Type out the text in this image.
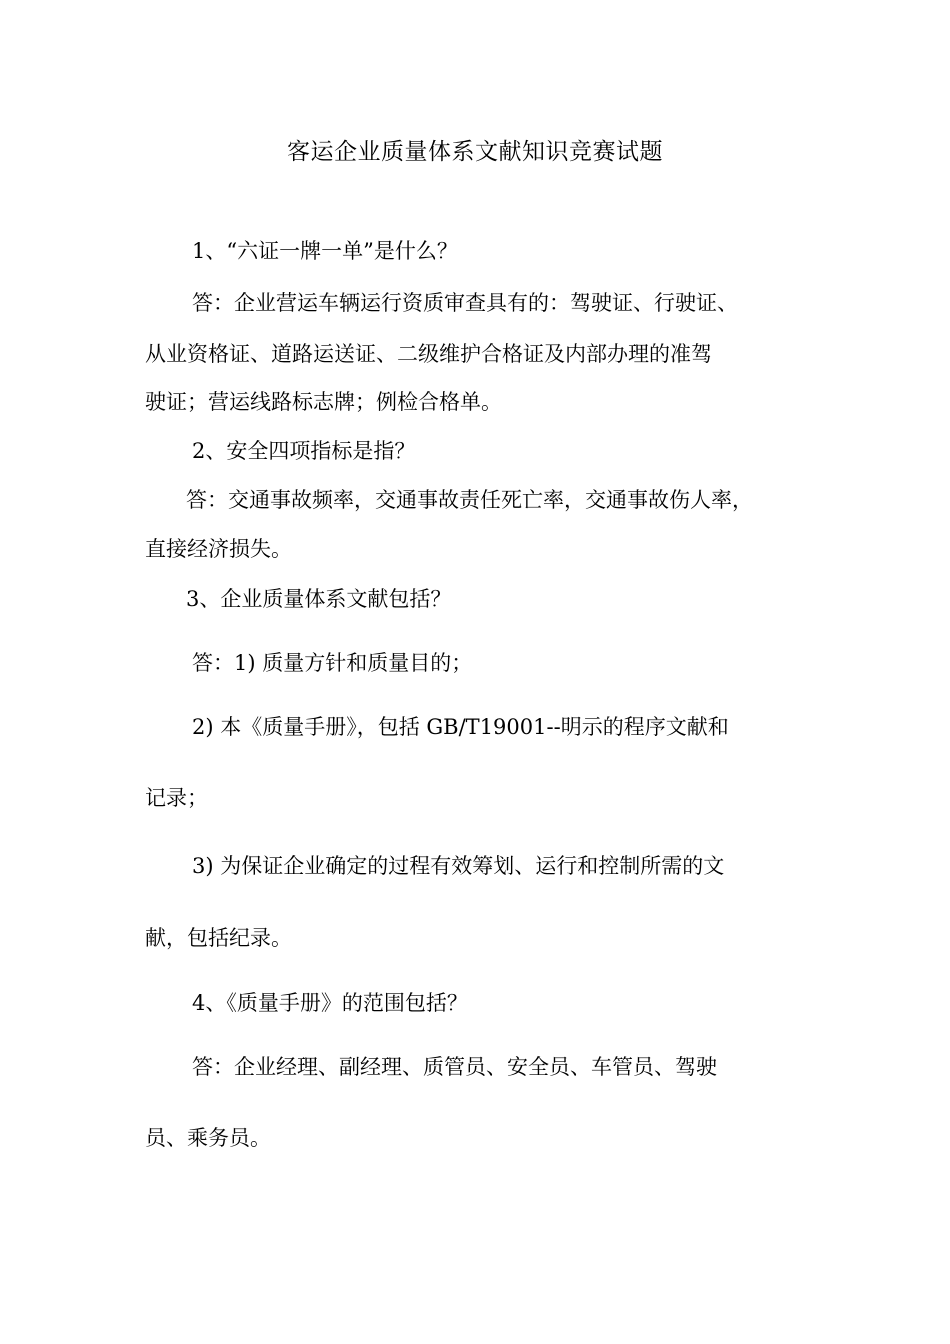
客运企业质量体系文献知识竞赛试题
1、“六证一牌一单”是什么？
答：企业营运车辆运行资质审查具有的：驾驶证、行驶证、
从业资格证、道路运送证、二级维护合格证及内部办理的准驾
驶证；营运线路标志牌；例检合格单。
2、安全四项指标是指？
答：交通事故频率，交通事故责任死亡率，交通事故伤人率，
直接经济损失。
3、企业质量体系文献包括？
答：1) 质量方针和质量目的；
2) 本《质量手册》，包括 GB/T19001--明示的程序文献和
记录；
3) 为保证企业确定的过程有效筹划、运行和控制所需的文
献，包括纪录。
4、《质量手册》的范围包括？
答：企业经理、副经理、质管员、安全员、车管员、驾驶
员、乘务员。
